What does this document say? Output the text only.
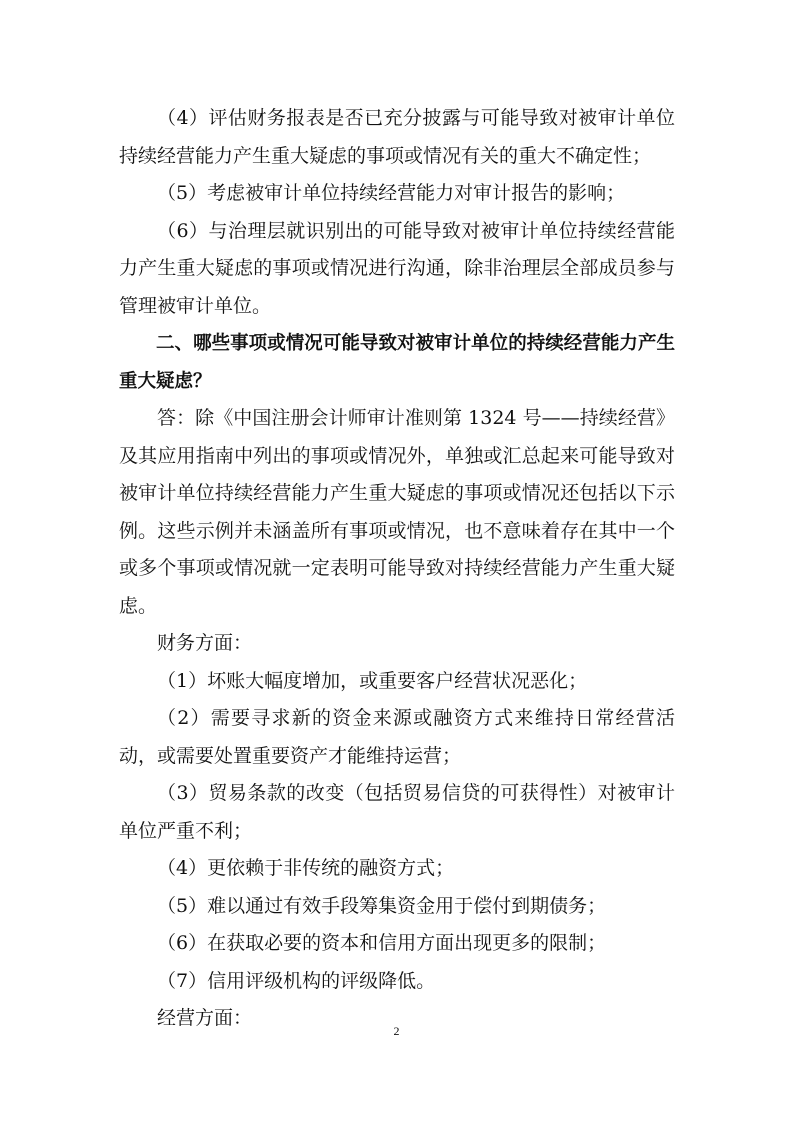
（4）评估财务报表是否已充分披露与可能导致对被审计单位持续经营能力产生重大疑虑的事项或情况有关的重大不确定性；

（5）考虑被审计单位持续经营能力对审计报告的影响；

（6）与治理层就识别出的可能导致对被审计单位持续经营能力产生重大疑虑的事项或情况进行沟通，除非治理层全部成员参与管理被审计单位。

二、哪些事项或情况可能导致对被审计单位的持续经营能力产生重大疑虑？

答：除《中国注册会计师审计准则第 1324 号——持续经营》及其应用指南中列出的事项或情况外，单独或汇总起来可能导致对被审计单位持续经营能力产生重大疑虑的事项或情况还包括以下示例。这些示例并未涵盖所有事项或情况，也不意味着存在其中一个或多个事项或情况就一定表明可能导致对持续经营能力产生重大疑虑。

财务方面：

（1）坏账大幅度增加，或重要客户经营状况恶化；

（2）需要寻求新的资金来源或融资方式来维持日常经营活动，或需要处置重要资产才能维持运营；

（3）贸易条款的改变（包括贸易信贷的可获得性）对被审计单位严重不利；

（4）更依赖于非传统的融资方式；

（5）难以通过有效手段筹集资金用于偿付到期债务；

（6）在获取必要的资本和信用方面出现更多的限制；

（7）信用评级机构的评级降低。

经营方面：

2
